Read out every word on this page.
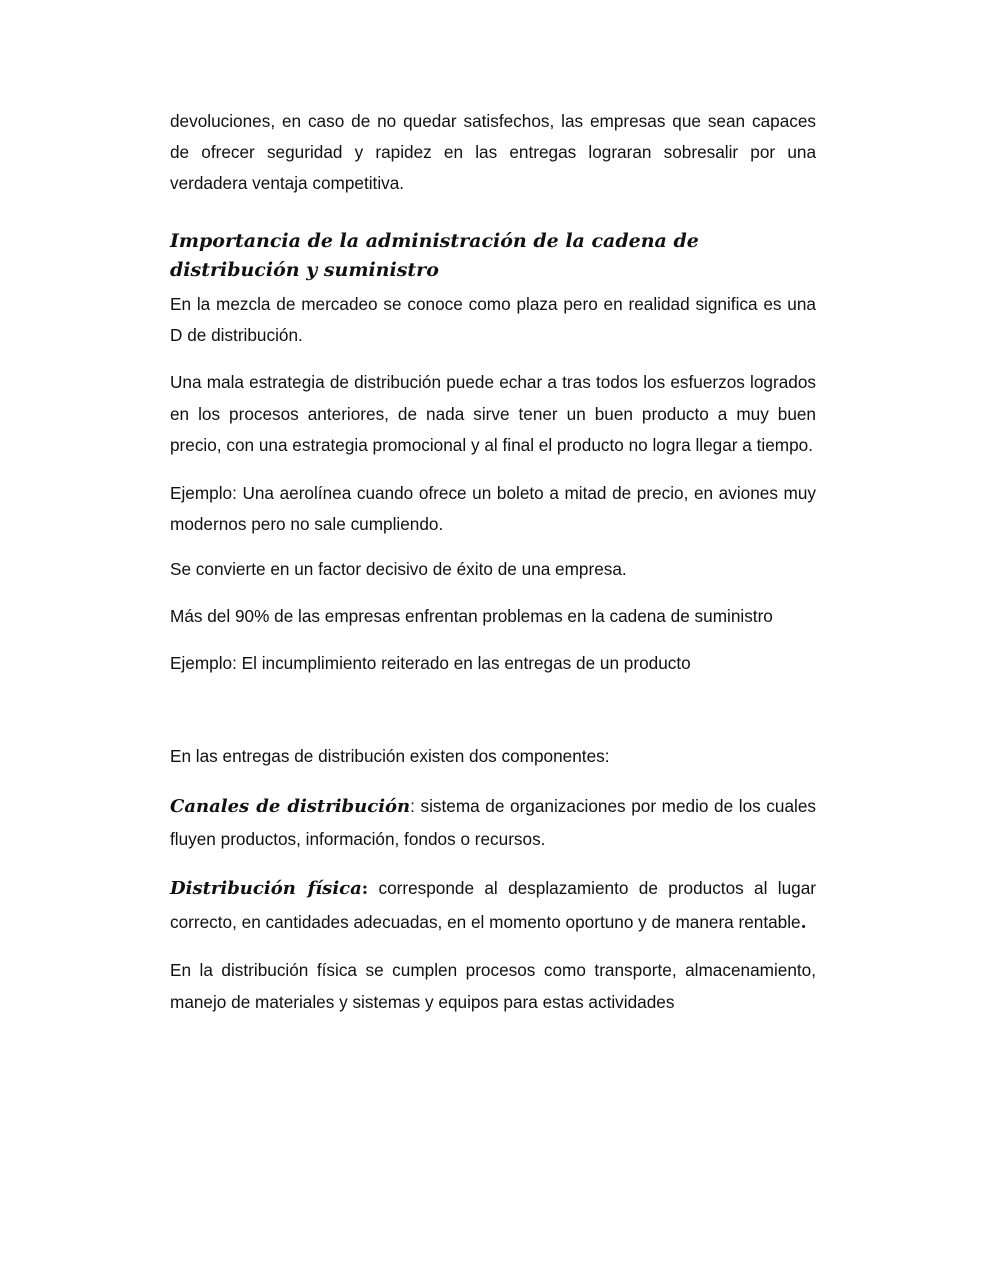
devoluciones, en caso de no quedar satisfechos, las empresas que sean capaces de ofrecer seguridad y rapidez en las entregas lograran sobresalir por una verdadera ventaja competitiva.

Importancia de la administración de la cadena de distribución y suministro

En la mezcla de mercadeo se conoce como plaza pero en realidad significa es una D de distribución.

Una mala estrategia de distribución puede echar a tras todos los esfuerzos logrados en los procesos anteriores, de nada sirve tener un buen producto a muy buen precio, con una estrategia promocional y al final el producto no logra llegar a tiempo.

Ejemplo: Una aerolínea cuando ofrece un boleto a mitad de precio, en aviones muy modernos pero no sale cumpliendo.

Se convierte en un factor decisivo de éxito de una empresa.

Más del 90% de las empresas enfrentan problemas en la cadena de suministro

Ejemplo: El incumplimiento reiterado en las entregas de un producto

En las entregas de distribución existen dos componentes:

Canales de distribución: sistema de organizaciones por medio de los cuales fluyen productos, información, fondos o recursos.

Distribución física: corresponde al desplazamiento de productos al lugar correcto, en cantidades adecuadas, en el momento oportuno y de manera rentable.

En la distribución física se cumplen procesos como transporte, almacenamiento, manejo de materiales y sistemas y equipos para estas actividades
